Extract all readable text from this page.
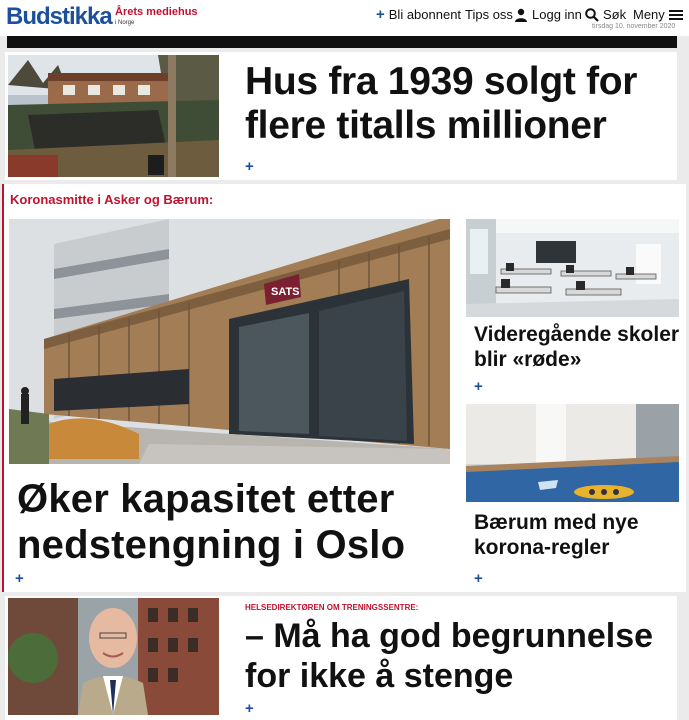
Budstikka Årets mediehus
i Norge
+ Bli abonnent Tips oss Logg inn Søk Meny
tirsdag 10. november 2020
Hus fra 1939 solgt for flere titalls millioner
+
Koronasmitte i Asker og Bærum:
SATS
Øker kapasitet etter nedstengning i Oslo
+
Videregående skoler blir «røde»
+
Bærum med nye korona-regler
+
HELSEDIREKTØREN OM TRENINGSSENTRE:
– Må ha god begrunnelse for ikke å stenge
+
